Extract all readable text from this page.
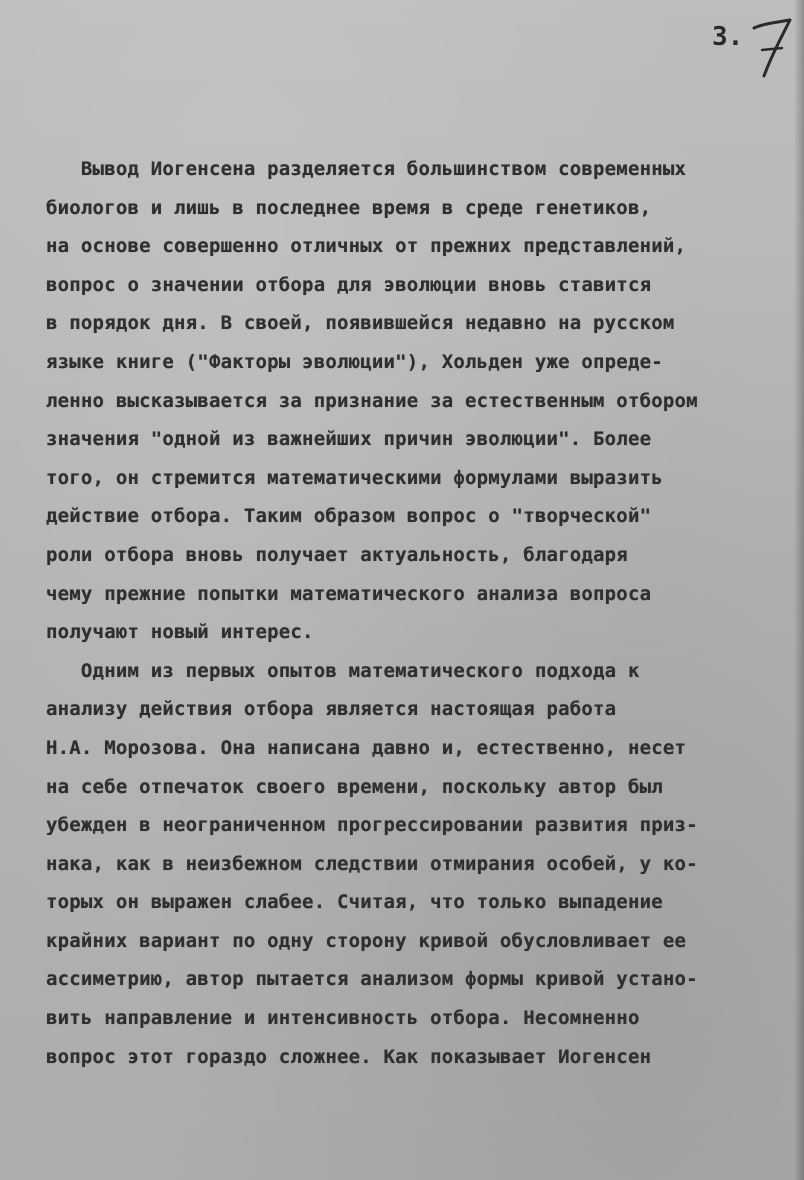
3.
Вывод Иогенсена разделяется большинством современных
биологов и лишь в последнее время в среде генетиков,
на основе совершенно отличных от прежних представлений,
вопрос о значении отбора для эволюции вновь ставится
в порядок дня. В своей, появившейся недавно на русском
языке книге ("Факторы эволюции"), Хольден уже опреде-
ленно высказывается за признание за естественным отбором
значения "одной из важнейших причин эволюции". Более
того, он стремится математическими формулами выразить
действие отбора. Таким образом вопрос о "творческой"
роли отбора вновь получает актуальность, благодаря
чему прежние попытки математического анализа вопроса
получают новый интерес.
Одним из первых опытов математического подхода к
анализу действия отбора является настоящая работа
Н.А. Морозова. Она написана давно и, естественно, несет
на себе отпечаток своего времени, поскольку автор был
убежден в неограниченном прогрессировании развития приз-
нака, как в неизбежном следствии отмирания особей, у ко-
торых он выражен слабее. Считая, что только выпадение
крайних вариант по одну сторону кривой обусловливает ее
ассиметрию, автор пытается анализом формы кривой устано-
вить направление и интенсивность отбора. Несомненно
вопрос этот гораздо сложнее. Как показывает Иогенсен
